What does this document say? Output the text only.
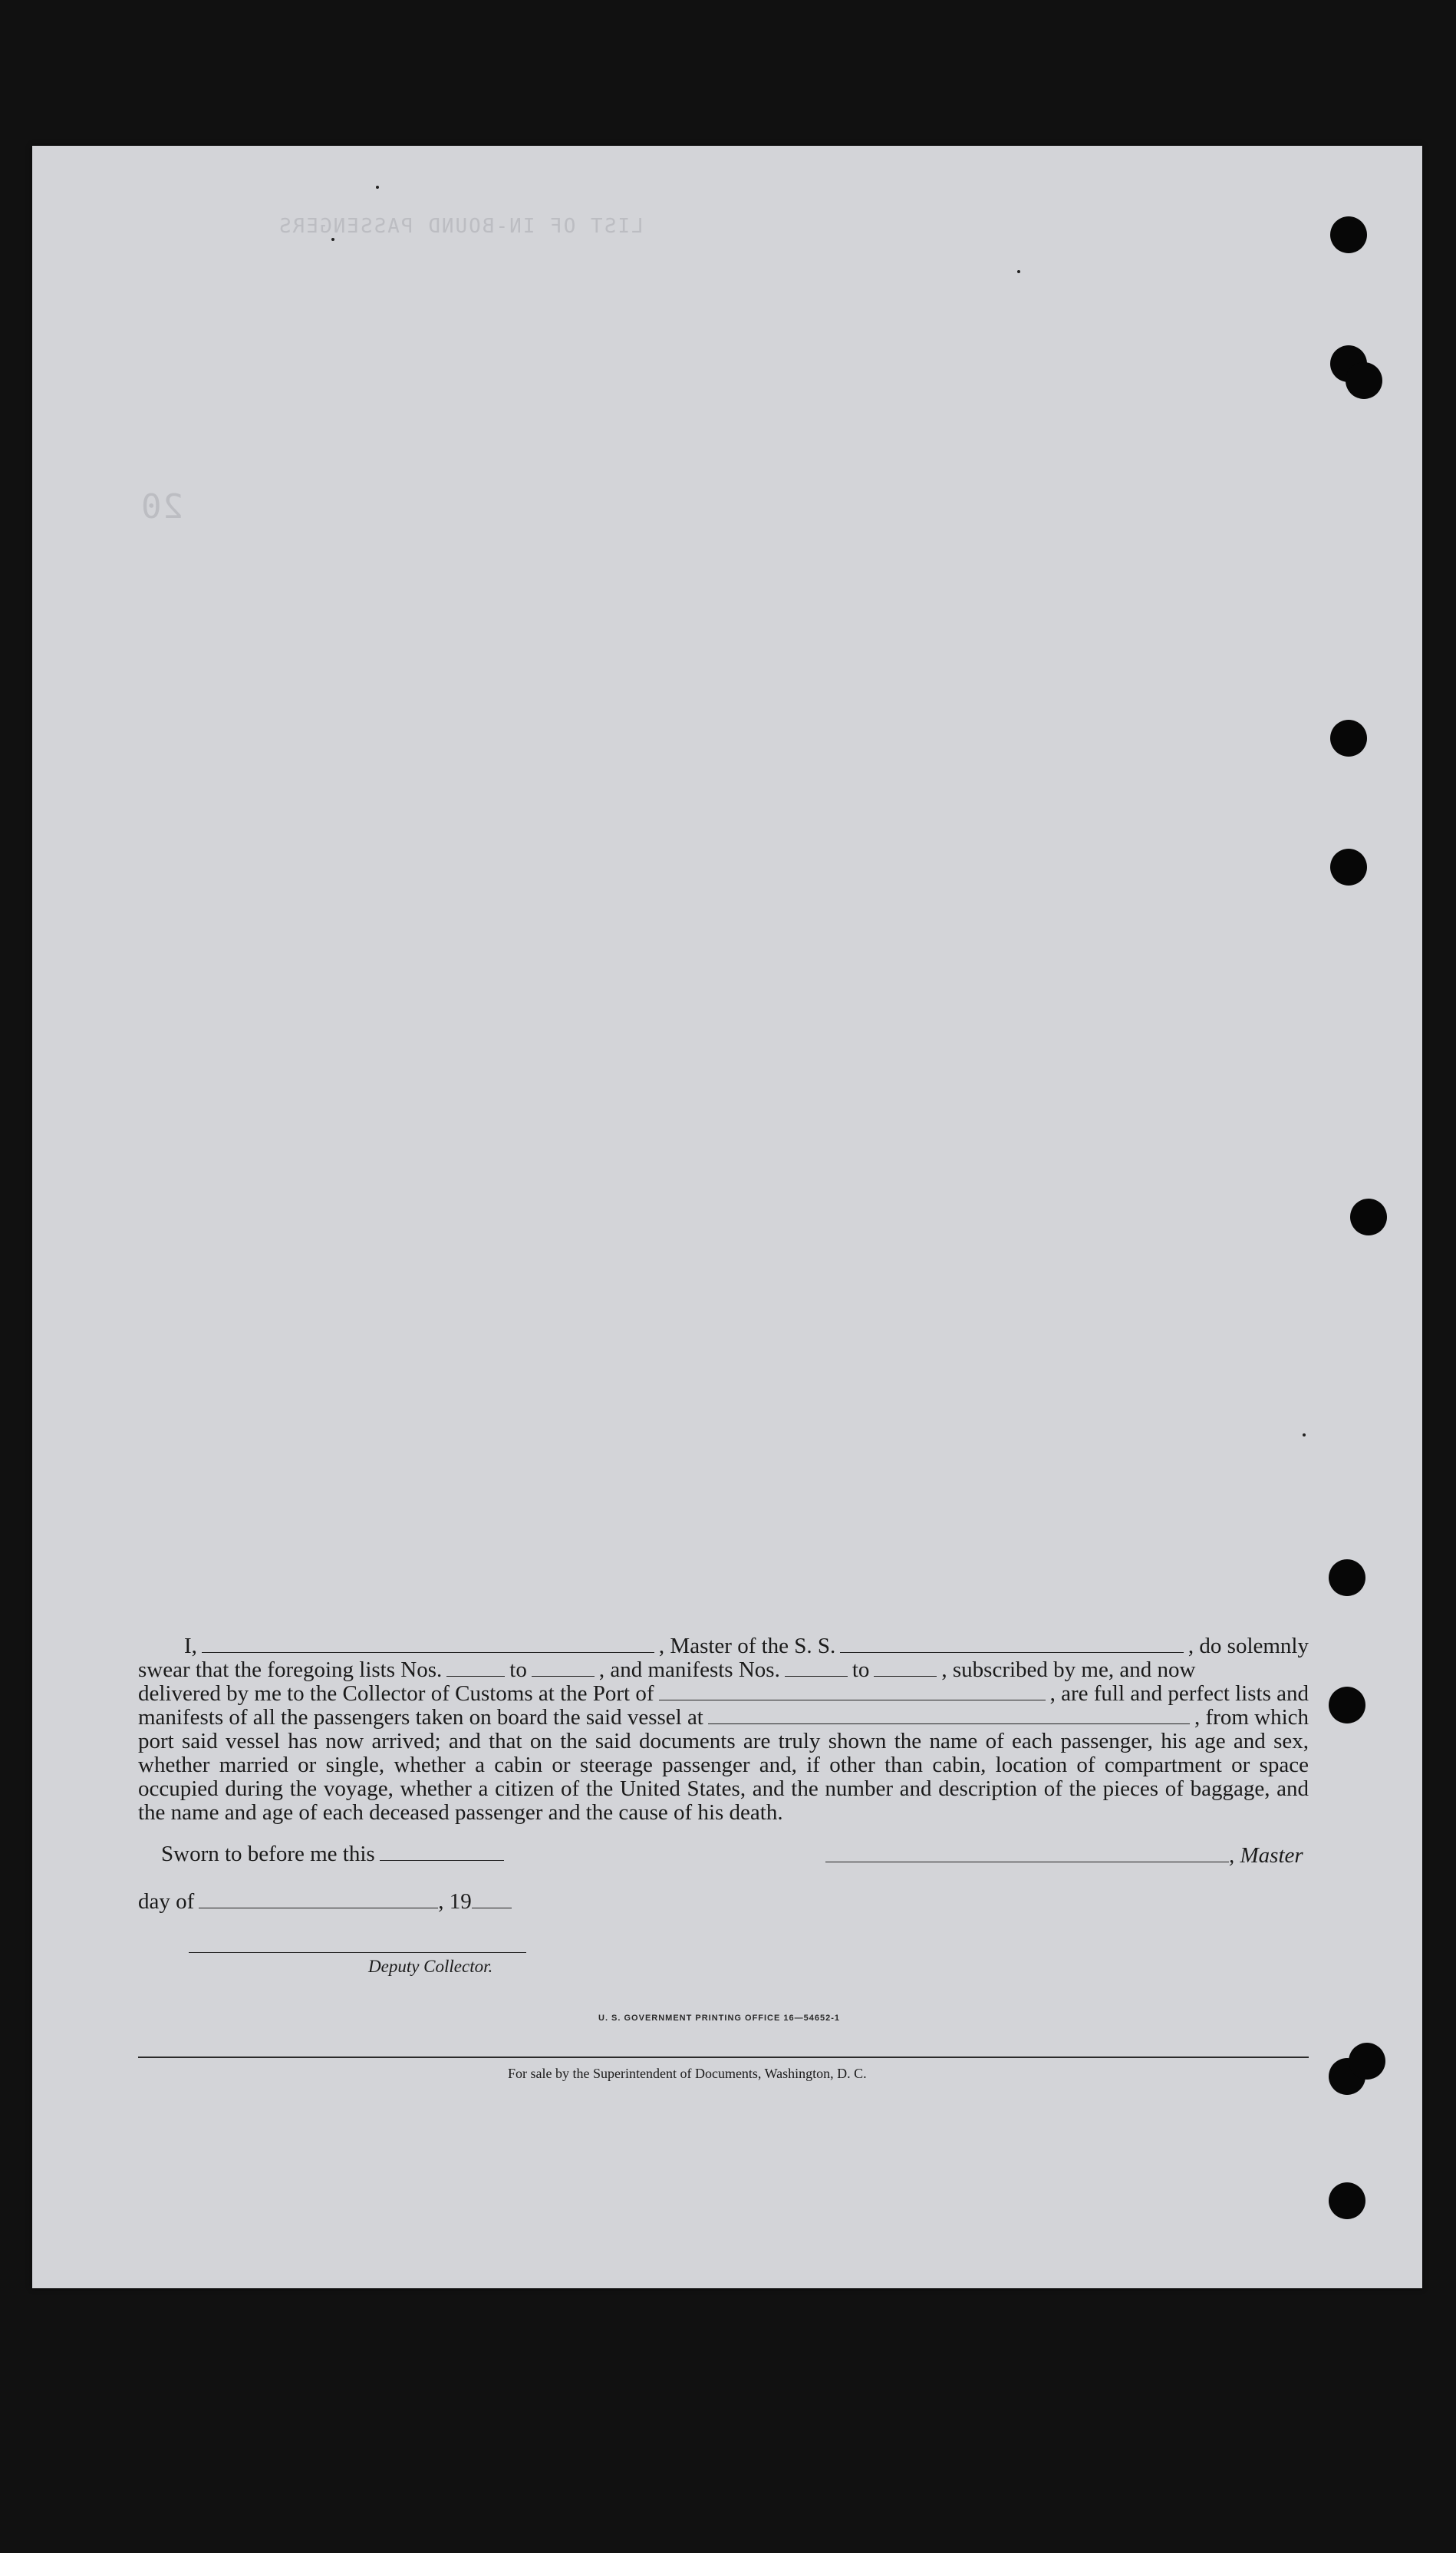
LIST OF IN-BOUND PASSENGERS
20
I,	, Master of the S. S.	, do solemnly
swear that the foregoing lists Nos.	to	, and manifests Nos.	to	, subscribed by me, and now
delivered by me to the Collector of Customs at the Port of	, are full and perfect lists and
manifests of all the passengers taken on board the said vessel at	, from which
port said vessel has now arrived; and that on the said documents are truly shown the name of each passenger, his age and sex, whether married or single, whether a cabin or steerage passenger and, if other than cabin, location of compartment or space occupied during the voyage, whether a citizen of the United States, and the number and description of the pieces of baggage, and the name and age of each deceased passenger and the cause of his death.
Sworn to before me this	, Master
day of	, 19
Deputy Collector.
U. S. GOVERNMENT PRINTING OFFICE 16—54652-1
For sale by the Superintendent of Documents, Washington, D. C.
